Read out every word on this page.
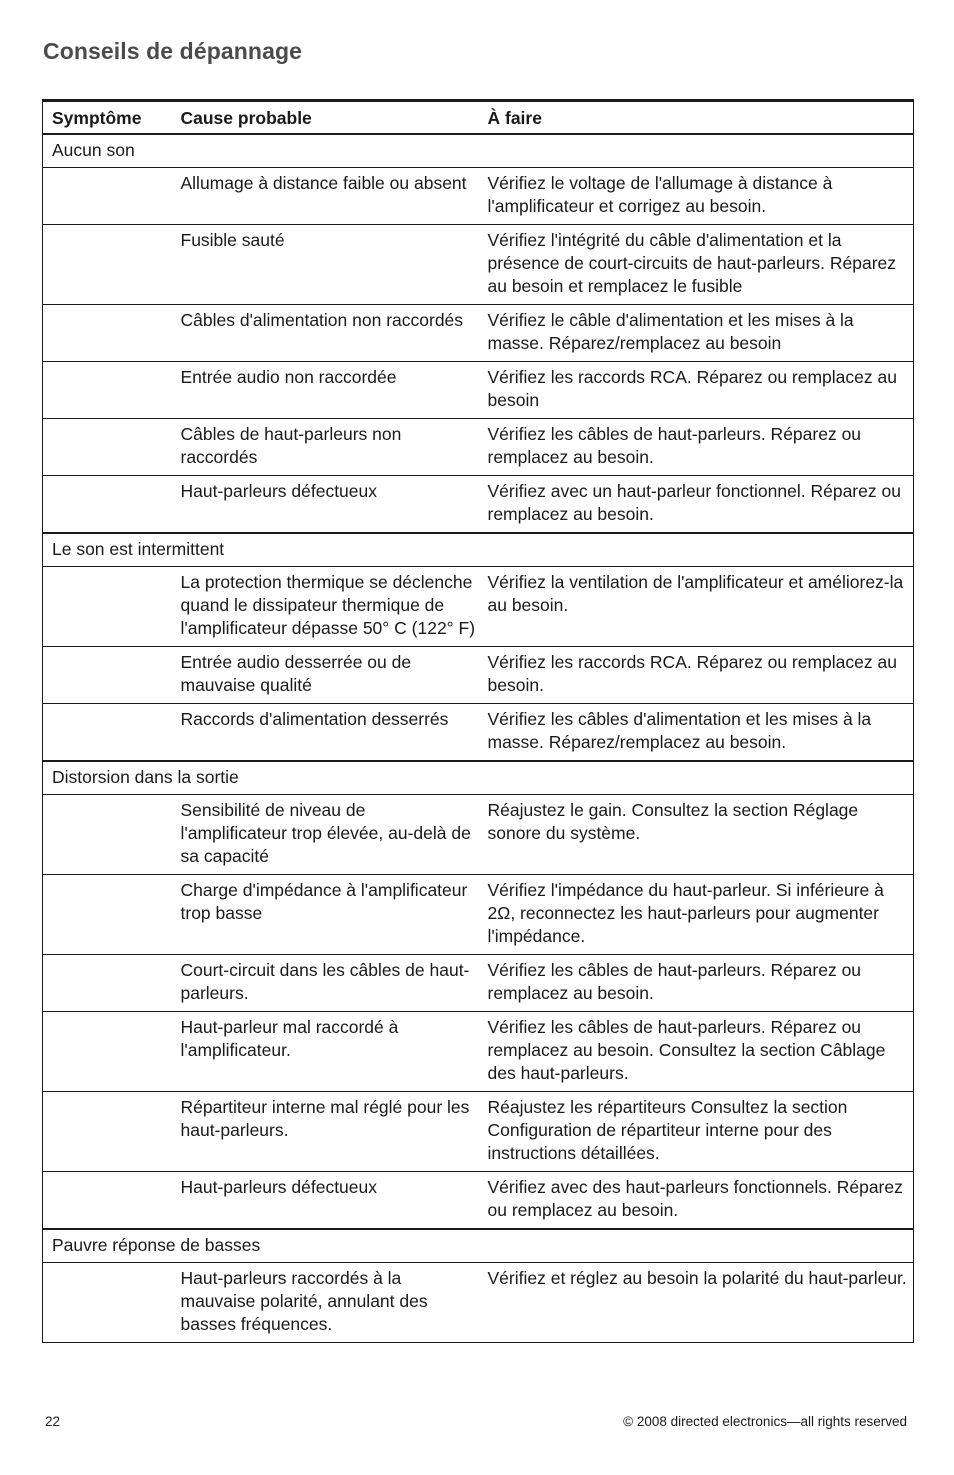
Conseils de dépannage
Symptôme	Cause probable	À faire
Aucun son		
	Allumage à distance faible ou absent	Vérifiez le voltage de l'allumage à distance à l'amplificateur et corrigez au besoin.
	Fusible sauté	Vérifiez l'intégrité du câble d'alimentation et la présence de court-circuits de haut-parleurs. Réparez au besoin et remplacez le fusible
	Câbles d'alimentation non raccordés	Vérifiez le câble d'alimentation et les mises à la masse. Réparez/remplacez au besoin
	Entrée audio non raccordée	Vérifiez les raccords RCA. Réparez ou remplacez au besoin
	Câbles de haut-parleurs non raccordés	Vérifiez les câbles de haut-parleurs. Réparez ou remplacez au besoin.
	Haut-parleurs défectueux	Vérifiez avec un haut-parleur fonctionnel. Réparez ou remplacez au besoin.
Le son est intermittent		
	La protection thermique se déclenche quand le dissipateur thermique de l'amplificateur dépasse 50° C (122° F)	Vérifiez la ventilation de l'amplificateur et améliorez-la au besoin.
	Entrée audio desserrée ou de mauvaise qualité	Vérifiez les raccords RCA. Réparez ou remplacez au besoin.
	Raccords d'alimentation desserrés	Vérifiez les câbles d'alimentation et les mises à la masse. Réparez/remplacez au besoin.
Distorsion dans la sortie		
	Sensibilité de niveau de l'amplificateur trop élevée, au-delà de sa capacité	Réajustez le gain. Consultez la section Réglage sonore du système.
	Charge d'impédance à l'amplificateur trop basse	Vérifiez l'impédance du haut-parleur. Si inférieure à 2Ω, reconnectez les haut-parleurs pour augmenter l'impédance.
	Court-circuit dans les câbles de haut-parleurs.	Vérifiez les câbles de haut-parleurs. Réparez ou remplacez au besoin.
	Haut-parleur mal raccordé à l'amplificateur.	Vérifiez les câbles de haut-parleurs. Réparez ou remplacez au besoin. Consultez la section Câblage des haut-parleurs.
	Répartiteur interne mal réglé pour les haut-parleurs.	Réajustez les répartiteurs Consultez la section Configuration de répartiteur interne pour des instructions détaillées.
	Haut-parleurs défectueux	Vérifiez avec des haut-parleurs fonctionnels. Réparez ou remplacez au besoin.
Pauvre réponse de basses		
	Haut-parleurs raccordés à la mauvaise polarité, annulant des basses fréquences.	Vérifiez et réglez au besoin la polarité du haut-parleur.
22	© 2008 directed electronics—all rights reserved
